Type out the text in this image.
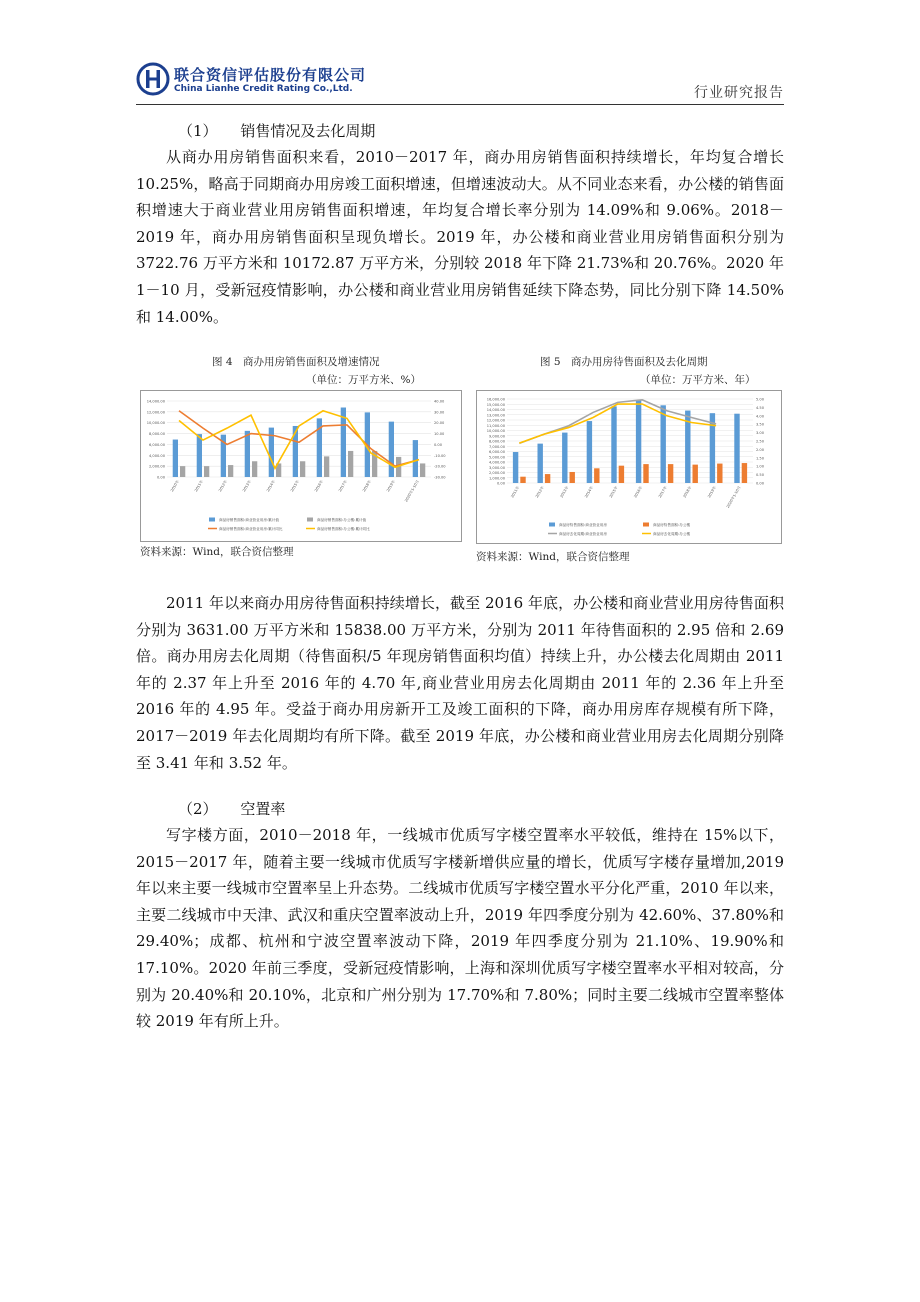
联合资信评估股份有限公司
China Lianhe Credit Rating Co.,Ltd.	行业研究报告
（1） 销售情况及去化周期

从商办用房销售面积来看，2010－2017 年，商办用房销售面积持续增长，年均复合增长 10.25%，略高于同期商办用房竣工面积增速，但增速波动大。从不同业态来看，办公楼的销售面积增速大于商业营业用房销售面积增速，年均复合增长率分别为 14.09%和 9.06%。2018－2019 年，商办用房销售面积呈现负增长。2019 年，办公楼和商业营业用房销售面积分别为 3722.76 万平方米和 10172.87 万平方米，分别较 2018 年下降 21.73%和 20.76%。2020 年 1－10 月，受新冠疫情影响，办公楼和商业营业用房销售延续下降态势，同比分别下降 14.50%和 14.00%。

图 4　商办用房销售面积及增速情况
（单位：万平方米、%）
14,000.00
12,000.00
10,000.00
8,000.00
6,000.00
4,000.00
2,000.00
0.00
40.00
30.00
20.00
10.00
0.00
-10.00
-20.00
-30.00
2010年	2011年	2012年	2013年	2014年	2015年	2016年	2017年	2018年	2019年 2020年1-10月
商品房销售面积:商业营业用房:累计值	商品房销售面积:办公楼:累计值
商品房销售面积:商业营业用房:累计同比	商品房销售面积:办公楼:累计同比
资料来源：Wind，联合资信整理
图 5　商办用房待售面积及去化周期
（单位：万平方米、年）
16,000.00
15,000.00
14,000.00
13,000.00
12,000.00
11,000.00
10,000.00
9,000.00
8,000.00
7,000.00
6,000.00
5,000.00
4,000.00
3,000.00
2,000.00
1,000.00
0.00
5.00
4.50
4.00
3.50
3.00
2.50
2.00
1.50
1.00
0.50
0.00
2011年	2012年	2013年	2014年	2015年	2016年	2017年	2018年	2019年 2020年1-10月
商品房待售面积:商业营业用房	商品房待售面积:办公楼
商品房去化周期:商业营业用房	商品房去化周期:办公楼
资料来源：Wind，联合资信整理

2011 年以来商办用房待售面积持续增长，截至 2016 年底，办公楼和商业营业用房待售面积分别为 3631.00 万平方米和 15838.00 万平方米，分别为 2011 年待售面积的 2.95 倍和 2.69 倍。商办用房去化周期（待售面积/5 年现房销售面积均值）持续上升，办公楼去化周期由 2011 年的 2.37 年上升至 2016 年的 4.70 年,商业营业用房去化周期由 2011 年的 2.36 年上升至 2016 年的 4.95 年。受益于商办用房新开工及竣工面积的下降，商办用房库存规模有所下降，2017－2019 年去化周期均有所下降。截至 2019 年底，办公楼和商业营业用房去化周期分别降至 3.41 年和 3.52 年。

（2） 空置率

写字楼方面，2010－2018 年，一线城市优质写字楼空置率水平较低，维持在 15%以下，2015－2017 年，随着主要一线城市优质写字楼新增供应量的增长，优质写字楼存量增加,2019 年以来主要一线城市空置率呈上升态势。二线城市优质写字楼空置水平分化严重，2010 年以来，主要二线城市中天津、武汉和重庆空置率波动上升，2019 年四季度分别为 42.60%、37.80%和 29.40%；成都、杭州和宁波空置率波动下降，2019 年四季度分别为 21.10%、19.90%和 17.10%。2020 年前三季度，受新冠疫情影响，上海和深圳优质写字楼空置率水平相对较高，分别为 20.40%和 20.10%，北京和广州分别为 17.70%和 7.80%；同时主要二线城市空置率整体较 2019 年有所上升。
